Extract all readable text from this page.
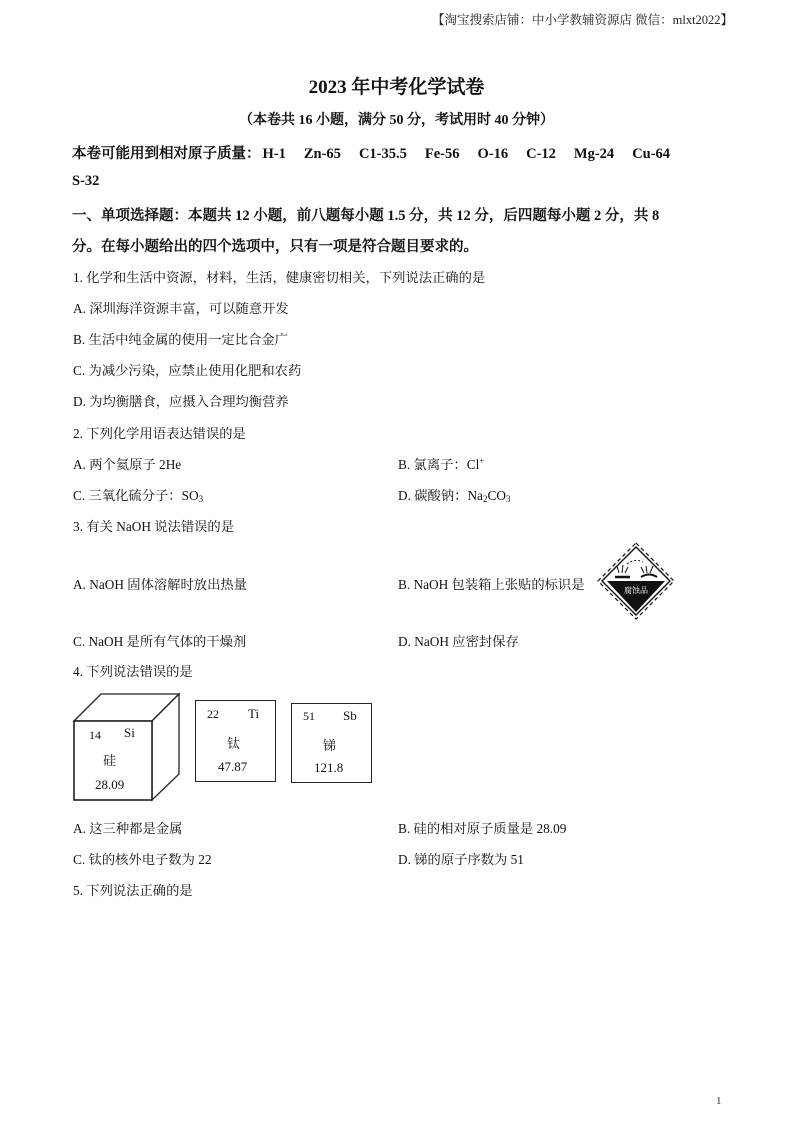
【淘宝搜索店铺：中小学教辅资源店 微信：mlxt2022】
2023 年中考化学试卷
（本卷共 16 小题，满分 50 分，考试用时 40 分钟）
本卷可能用到相对原子质量： H-1 Zn-65 C1-35.5 Fe-56 O-16 C-12 Mg-24 Cu-64
S-32
一、单项选择题：本题共 12 小题，前八题每小题 1.5 分，共 12 分，后四题每小题 2 分，共 8
分。在每小题给出的四个选项中，只有一项是符合题目要求的。
1. 化学和生活中资源，材料，生活，健康密切相关，下列说法正确的是
A. 深圳海洋资源丰富，可以随意开发
B. 生活中纯金属的使用一定比合金广
C. 为减少污染，应禁止使用化肥和农药
D. 为均衡膳食，应摄入合理均衡营养
2. 下列化学用语表达错误的是
A. 两个氦原子 2He	B. 氯离子：Cl+
C. 三氧化硫分子：$SO_3$	D. 碳酸钠：$Na_2CO_3$
3. 有关 NaOH 说法错误的是
A. NaOH 固体溶解时放出热量	B. NaOH 包装箱上张贴的标识是	腐蚀品
C. NaOH 是所有气体的干燥剂	D. NaOH 应密封保存
4. 下列说法错误的是
14 Si
硅
28.09
22 Ti
钛
47.87
51 Sb
锑
121.8
A. 这三种都是金属	B. 硅的相对原子质量是 28.09
C. 钛的核外电子数为 22	D. 锑的原子序数为 51
5. 下列说法正确的是
1
